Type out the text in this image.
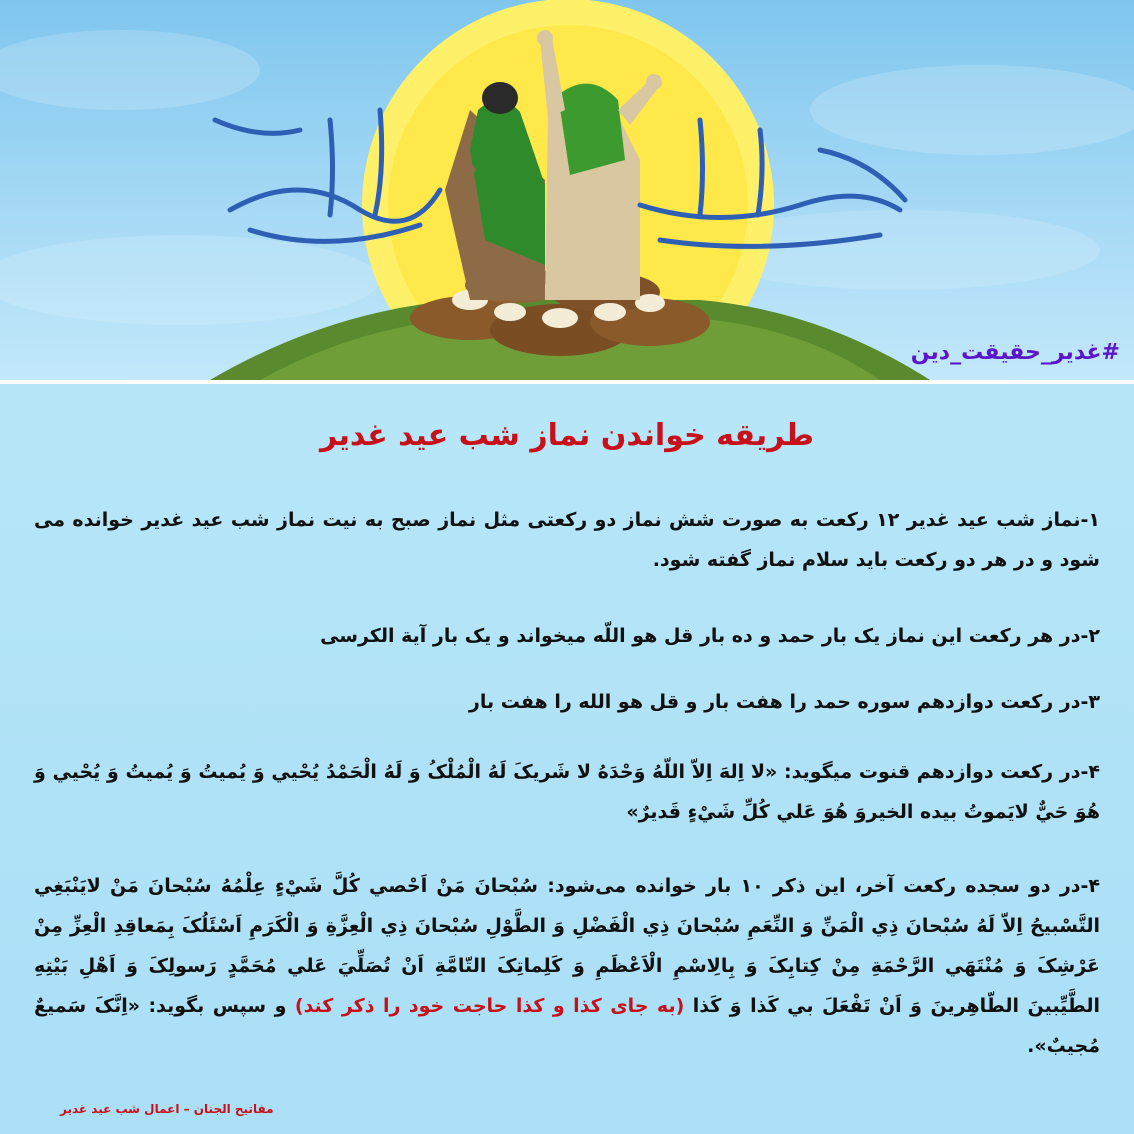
#غدیر_حقیقت_دین
طريقه خواندن نماز شب عيد غدير
۱-نماز شب عید غدیر ۱۲ رکعت به صورت شش نماز دو رکعتی مثل نماز صبح به نیت نماز شب عید غدیر خوانده می شود و در هر دو رکعت باید سلام نماز گفته شود.
۲-در هر رکعت اين نماز يک بار حمد و ده بار قل هو اللّه ميخواند و يک بار آية الكرسى
۳-در رکعت دوازدهم سوره حمد را هفت بار و قل هو الله را هفت بار
۴-در رکعت دوازدهم قنوت ميگويد: «لا اِلهَ اِلاّ اللّهُ وَحْدَهُ لا شَريکَ لَهُ الْمُلْکُ وَ لَهُ الْحَمْدُ يُحْيي وَ يُميتُ وَ يُميتُ وَ يُحْيي وَ هُوَ حَيٌّ لايَموتُ بيده الخيروَ هُوَ عَلي كُلِّ شَيْءٍ قَديرٌ»
۴-در دو سجده رکعت آخر، این ذکر ۱۰ بار خوانده می‌شود: سُبْحانَ مَنْ اَحْصي كُلَّ شَيْءٍ عِلْمُهُ سُبْحانَ مَنْ لايَنْبَغِي التَّسْبيحُ اِلاّ لَهُ سُبْحانَ ذِي الْمَنِّ وَ النِّعَمِ سُبْحانَ ذِي الْفَضْلِ وَ الطَّوْلِ سُبْحانَ ذِي الْعِزَّةِ وَ الْكَرَمِ اَسْئَلُکَ بِمَعاقِدِ الْعِزِّ مِنْ عَرْشِکَ وَ مُنْتَهَي الرَّحْمَةِ مِنْ كِتابِکَ وَ بِالِاسْمِ الْاَعْظَمِ وَ كَلِماتِکَ التّامَّةِ اَنْ تُصَلِّيَ عَلي مُحَمَّدٍ رَسولِکَ وَ اَهْلِ بَيْتِهِ الطَّيِّبينَ الطّاهِرينَ وَ اَنْ تَفْعَلَ بي كَذا وَ كَذا (به جای کذا و کذا حاجت خود را ذکر کند) و سپس بگوید: «اِنَّکَ سَميعٌ مُجيبٌ».
مفاتيح الجنان – اعمال شب عيد غدير
